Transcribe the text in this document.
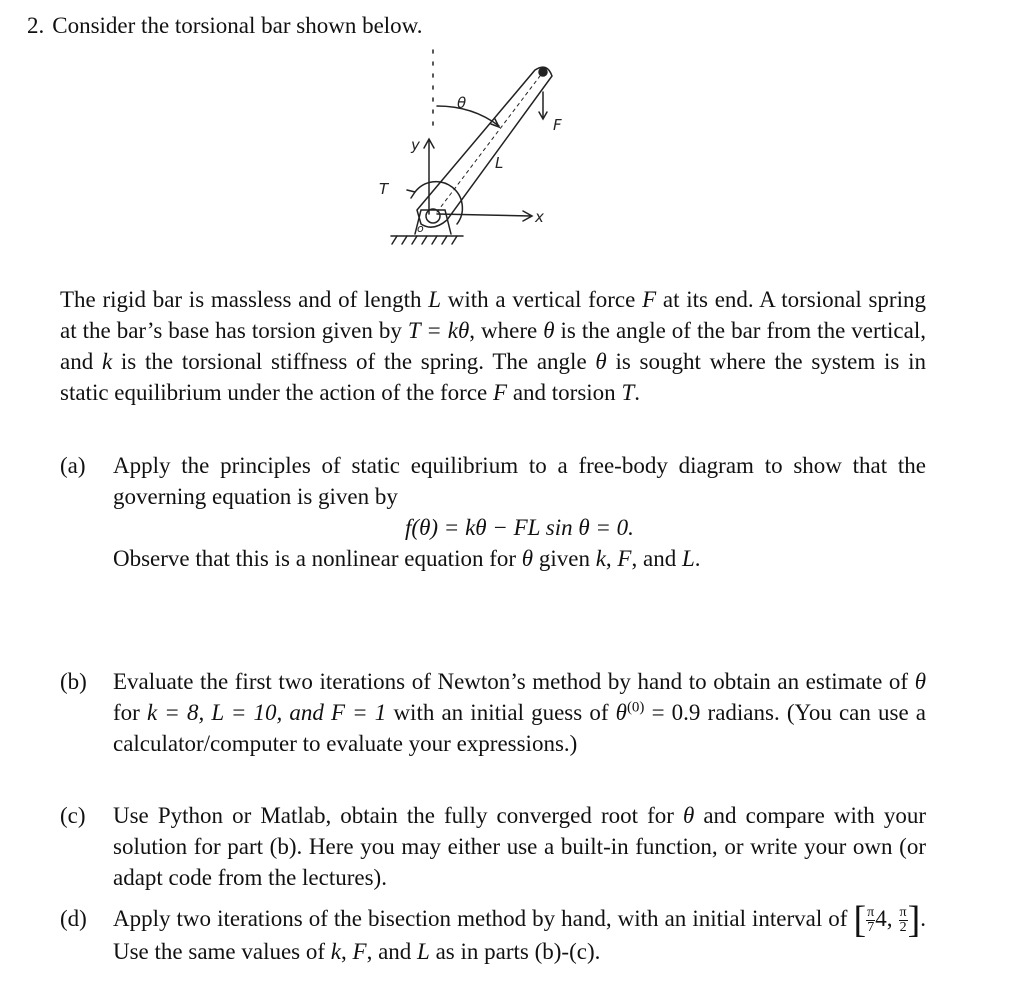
2. Consider the torsional bar shown below.
θ
y
F
L
T
x
o

The rigid bar is massless and of length L with a vertical force F at its end. A torsional spring at the bar’s base has torsion given by T = kθ, where θ is the angle of the bar from the vertical, and k is the torsional stiffness of the spring. The angle θ is sought where the system is in static equilibrium under the action of the force F and torsion T.

(a)	Apply the principles of static equilibrium to a free-body diagram to show that the governing equation is given by

f(θ) = kθ − FL sin θ = 0.

Observe that this is a nonlinear equation for θ given k, F, and L.

(b)	Evaluate the first two iterations of Newton’s method by hand to obtain an estimate of θ for k = 8, L = 10, and F = 1 with an initial guess of $\theta^{(0)} = 0.9$ radians. (You can use a calculator/computer to evaluate your expressions.)

(c)	Use Python or Matlab, obtain the fully converged root for θ and compare with your solution for part (b). Here you may either use a built-in function, or write your own (or adapt code from the lectures).

(d)	Apply two iterations of the bisection method by hand, with an initial interval of [ $\frac{\pi}{7} 4$, $\frac{\pi}{2}$ ]. Use the same values of k, F, and L as in parts (b)-(c).
